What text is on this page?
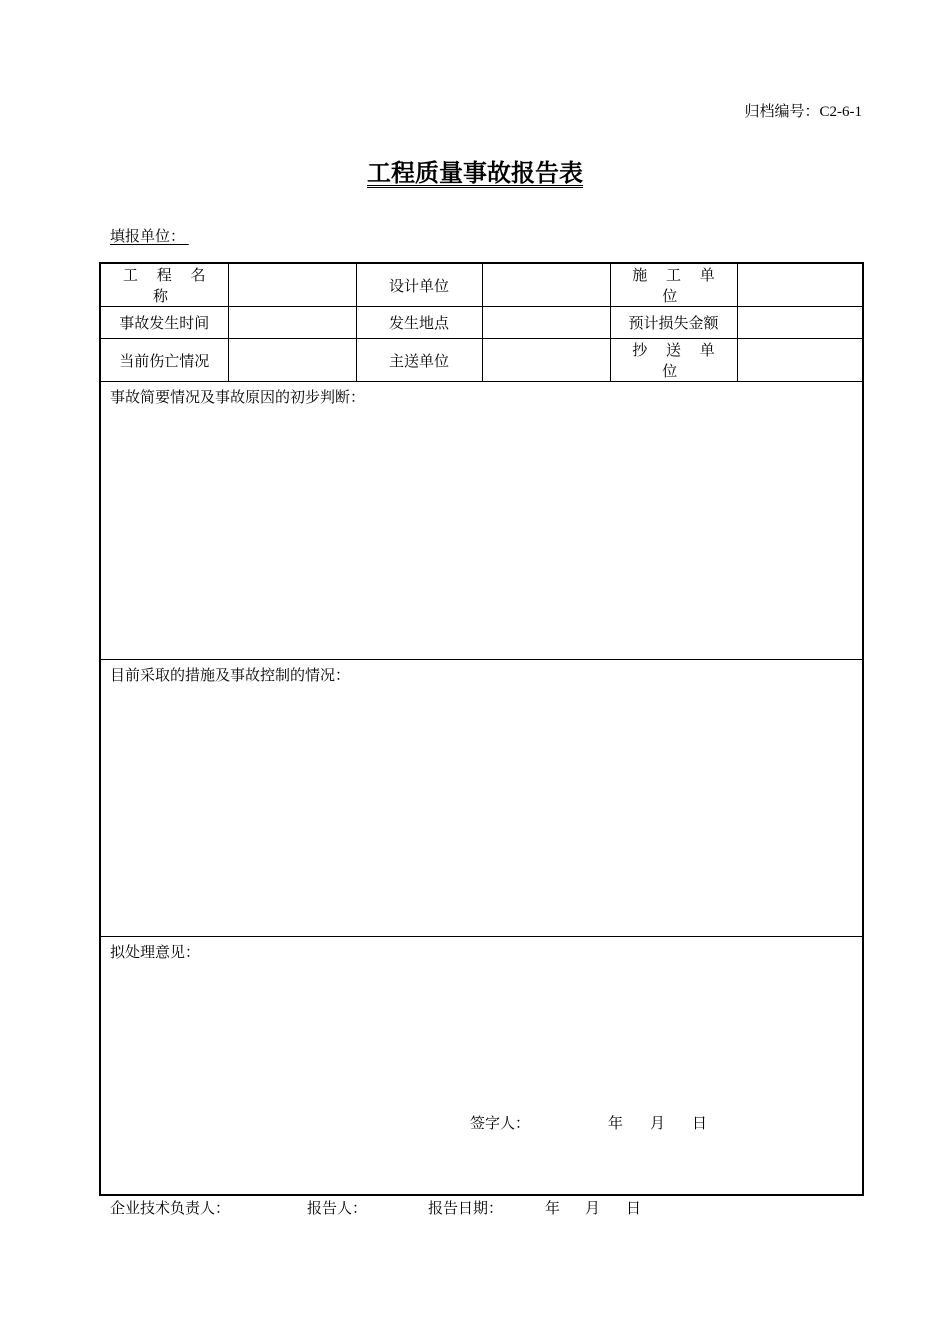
归档编号：C2-6-1
工程质量事故报告表
填报单位：
工 程 名 称		设计单位		施 工 单 位	
事故发生时间		发生地点		预计损失金额	
当前伤亡情况		主送单位		抄 送 单 位	
事故简要情况及事故原因的初步判断：
目前采取的措施及事故控制的情况：
拟处理意见：
签字人：	年 月 日
企业技术负责人：	报告人：	报告日期：	年 月 日
